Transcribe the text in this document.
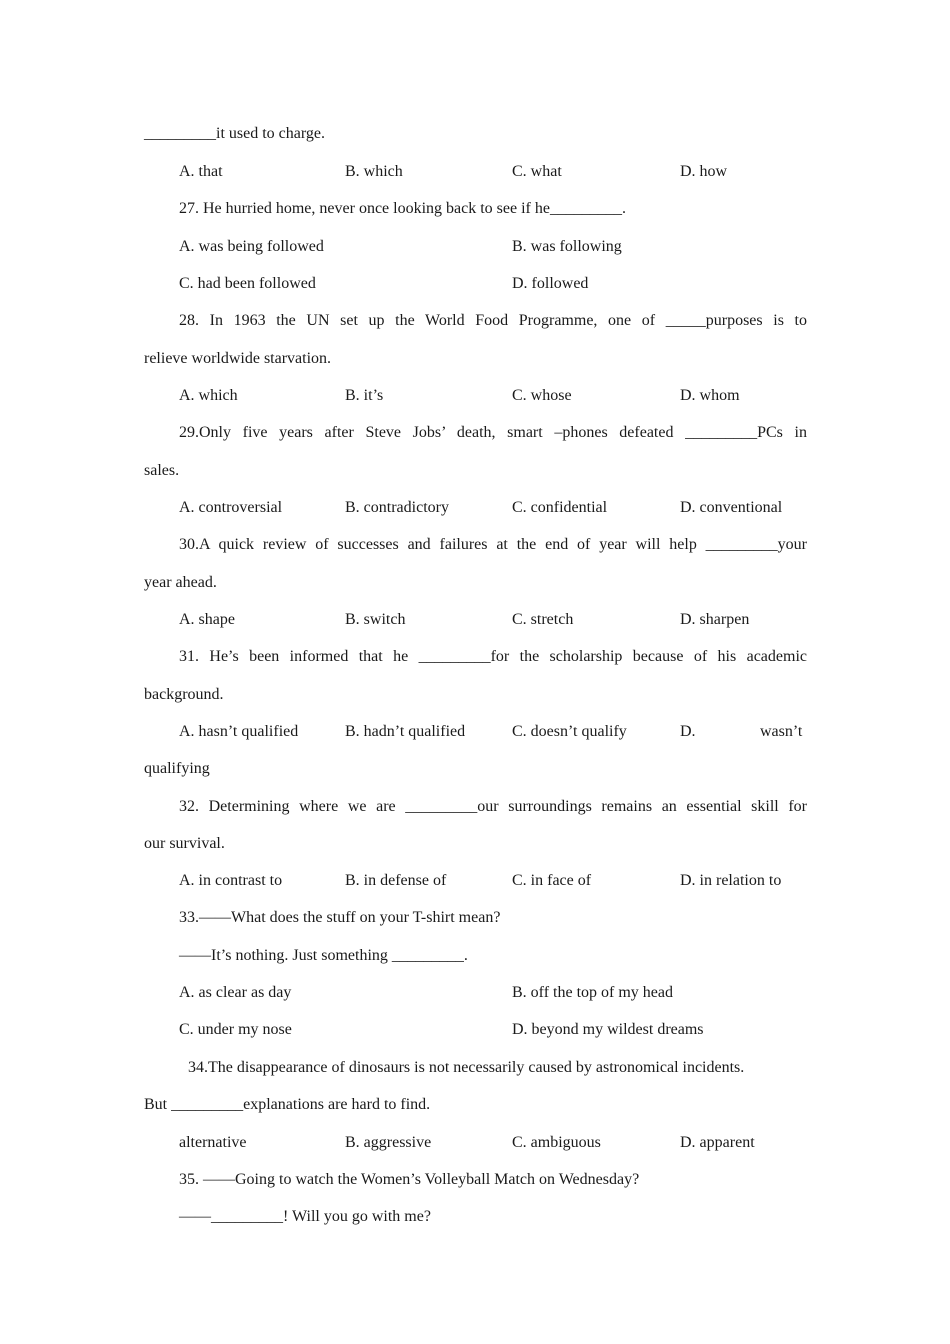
_________it used to charge.

A. that

	B. which

	C. what

	D. how

27. He hurried home, never once looking back to see if he_________.

A. was being followed

	B. was following

C. had been followed

	D. followed

28. In 1963 the UN set up the World Food Programme, one of _____purposes is to

relieve worldwide starvation.

A. which

	B. it’s

	C. whose

	D. whom

29.Only five years after Steve Jobs’ death, smart –phones defeated _________PCs in

sales.

A. controversial

	B. contradictory

	C. confidential

	D. conventional

30.A quick review of successes and failures at the end of year will help _________your

year ahead.

A. shape

	B. switch

	C. stretch

	D. sharpen

31. He’s been informed that he _________for the scholarship because of his academic

background.

A. hasn’t qualified

	B. hadn’t qualified

	C. doesn’t qualify

	D.

	wasn’t

qualifying

32. Determining where we are _________our surroundings remains an essential skill for

our survival.

A. in contrast to

	B. in defense of

	C. in face of

	D. in relation to

33.——What does the stuff on your T-shirt mean?

——It’s nothing. Just something _________.

A. as clear as day

	B. off the top of my head

C. under my nose

	D. beyond my wildest dreams

34.The disappearance of dinosaurs is not necessarily caused by astronomical incidents.

But _________explanations are hard to find.

alternative

	B. aggressive

	C. ambiguous

	D. apparent

35. ——Going to watch the Women’s Volleyball Match on Wednesday?

——_________! Will you go with me?
